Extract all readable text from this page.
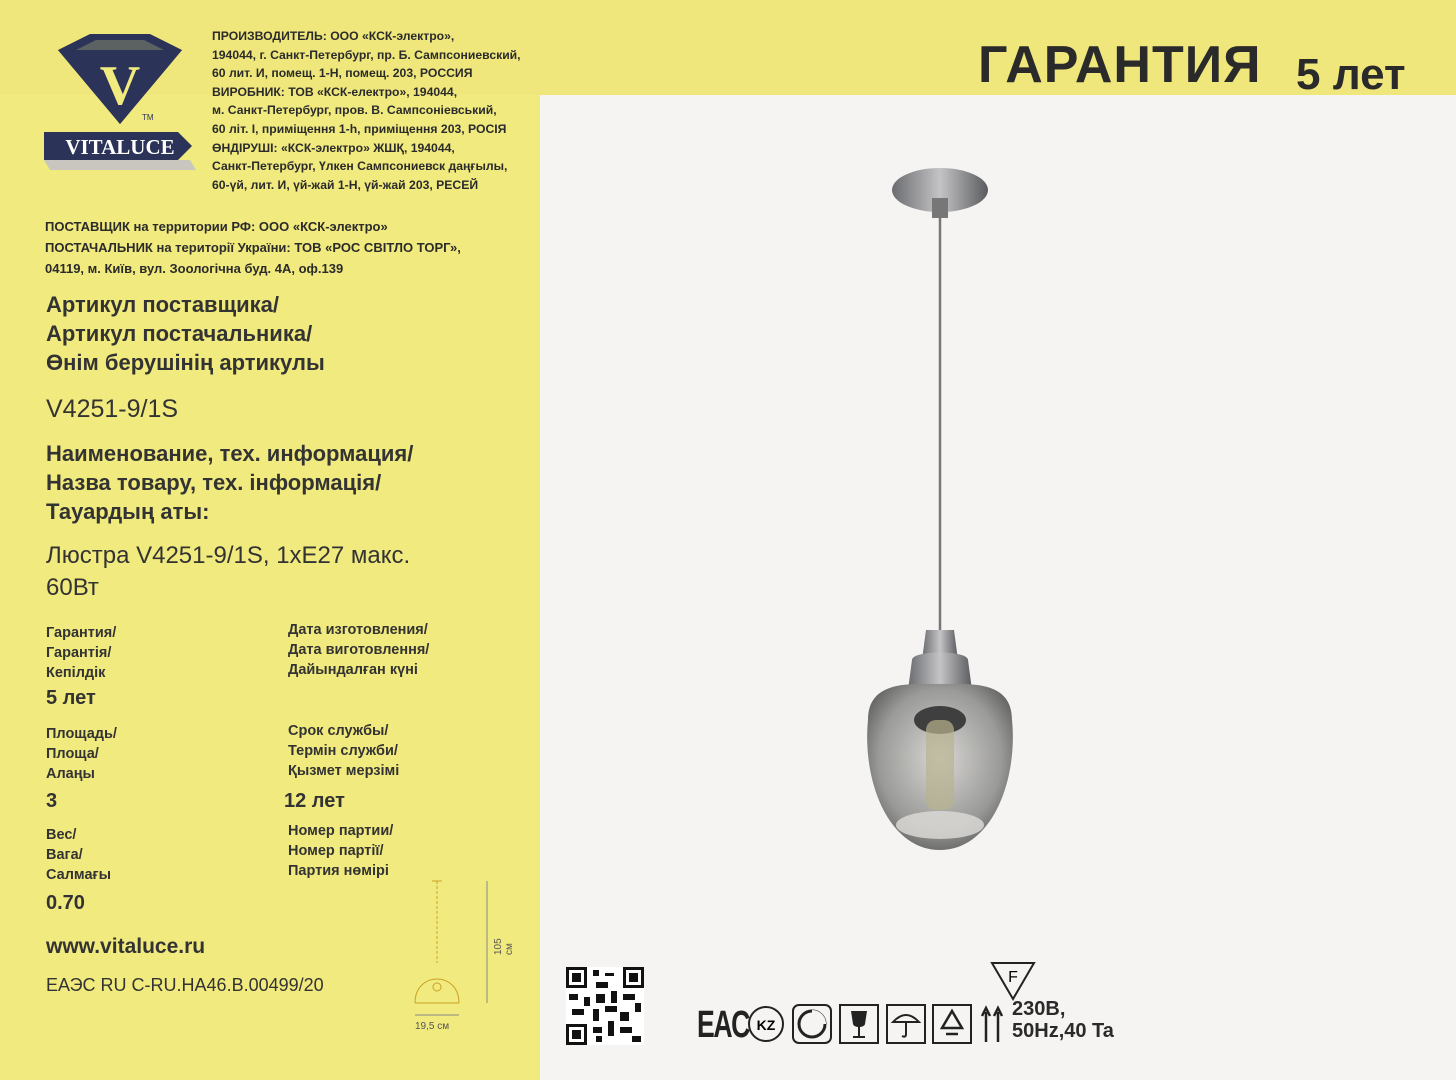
V
TM
VITALUCE
ПРОИЗВОДИТЕЛЬ: ООО «КСК-электро»,
194044, г. Санкт-Петербург, пр. Б. Сампсониевский,
60 лит. И, помещ. 1-Н, помещ. 203, РОССИЯ
ВИРОБНИК: ТОВ «КСК-електро», 194044,
м. Санкт-Петербург, пров. В. Сампсоніевський,
60 літ. І, приміщення 1-h, приміщення 203, РОСІЯ
ӨНДІРУШІ: «КСК-электро» ЖШҚ, 194044,
Санкт-Петербург, Үлкен Сампсониевск даңғылы,
60-үй, лит. И, үй-жай 1-Н, үй-жай 203, РЕСЕЙ
ГАРАНТИЯ 5 лет
ПОСТАВЩИК на территории РФ: ООО «КСК-электро»
ПОСТАЧАЛЬНИК на території України: ТОВ «РОС СВІТЛО ТОРГ»,
04119, м. Київ, вул. Зоологічна буд. 4А, оф.139
Артикул поставщика/
Артикул постачальника/
Өнім берушінің артикулы
V4251-9/1S
Наименование, тех. информация/
Назва товару, тех. інформація/
Тауардың аты:
Люстра V4251-9/1S, 1хЕ27 макс.
60Вт
Гарантия/
Гарантія/
Кепілдік
5 лет
Площадь/
Площа/
Алаңы
3
Вес/
Вага/
Салмағы
0.70
Дата изготовления/
Дата виготовлення/
Дайындалған күні
Срок службы/
Термін служби/
Қызмет мерзімі
12 лет
Номер партии/
Номер партії/
Партия нөмірі
105 см
19,5 см
www.vitaluce.ru
ЕАЭС RU C-RU.HA46.B.00499/20
EAC KZ
F
230В,
50Hz,40 Ta
